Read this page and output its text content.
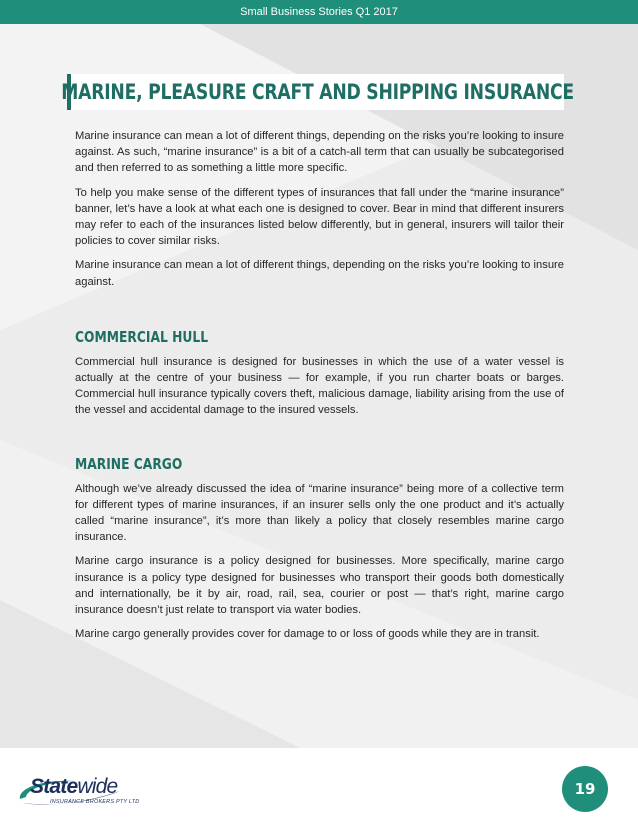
Small Business Stories Q1 2017
MARINE, PLEASURE CRAFT AND SHIPPING INSURANCE

Marine insurance can mean a lot of different things, depending on the risks you’re looking to insure against. As such, “marine insurance” is a bit of a catch-all term that can usually be subcategorised and then referred to as something a little more specific.

To help you make sense of the different types of insurances that fall under the “marine insurance” banner, let’s have a look at what each one is designed to cover. Bear in mind that different insurers may refer to each of the insurances listed below differently, but in general, insurers will tailor their policies to cover similar risks.

Marine insurance can mean a lot of different things, depending on the risks you’re looking to insure against.

COMMERCIAL HULL

Commercial hull insurance is designed for businesses in which the use of a water vessel is actually at the centre of your business — for example, if you run charter boats or barges. Commercial hull insurance typically covers theft, malicious damage, liability arising from the use of the vessel and accidental damage to the insured vessels.

MARINE CARGO

Although we’ve already discussed the idea of “marine insurance” being more of a collective term for different types of marine insurances, if an insurer sells only the one product and it’s actually called “marine insurance”, it’s more than likely a policy that closely resembles marine cargo insurance.

Marine cargo insurance is a policy designed for businesses. More specifically, marine cargo insurance is a policy type designed for businesses who transport their goods both domestically and internationally, be it by air, road, rail, sea, courier or post — that’s right, marine cargo insurance doesn’t just relate to transport via water bodies.

Marine cargo generally provides cover for damage to or loss of goods while they are in transit.

Statewide
INSURANCE BROKERS PTY LTD
19
